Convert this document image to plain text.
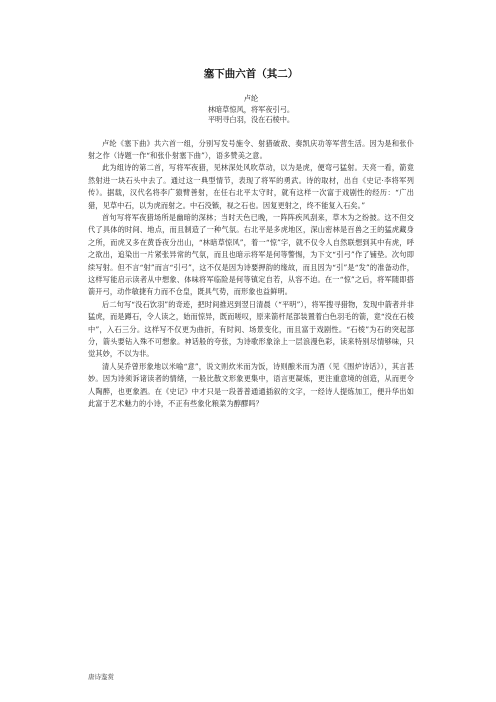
塞下曲六首（其二）

卢纶

林暗草惊风，将军夜引弓。

平明寻白羽，没在石棱中。

卢纶《塞下曲》共六首一组，分别写发号施令、射猎破敌、奏凯庆功等军营生活。因为是和张仆射之作（诗题一作“和张仆射塞下曲”），语多赞美之意。

此为组诗的第二首，写将军夜猎，见林深处风吹草动，以为是虎，便弯弓猛射。天亮一看，箭竟然射进一块石头中去了。通过这一典型情节，表现了将军的勇武。诗的取材，出自《史记·李将军列传》。据载，汉代名将李广猿臂善射，在任右北平太守时，就有这样一次富于戏剧性的经历：“广出猎，见草中石，以为虎而射之。中石没镞，视之石也。因复更射之，终不能复入石矣。”

首句写将军夜猎场所是幽暗的深林；当时天色已晚，一阵阵疾风刮来，草木为之纷披。这不但交代了具体的时间、地点，而且制造了一种气氛。右北平是多虎地区，深山密林是百兽之王的猛虎藏身之所，而虎又多在黄昏夜分出山，“林暗草惊风”，着一“惊”字，就不仅令人自然联想到其中有虎，呼之欲出，追染出一片紧张异常的气氛，而且也暗示将军是何等警惕，为下文“引弓”作了铺垫。次句即续写射。但不言“射”而言“引弓”，这不仅是因为诗要押韵的缘故，而且因为“引”是“发”的准备动作，这样写能启示读者从中想象、体味将军临险是何等镇定自若，从容不迫。在一“惊”之后，将军随即搭箭开弓，动作敏捷有力而不仓皇，既具气势，而形象也益鲜明。

后二句写“没石饮羽”的奇迹，把时间推迟到翌日清晨（“平明”），将军搜寻猎物，发现中箭者并非猛虎，而是蹲石，令人读之，始而惊异，既而嗟叹，原来箭杆尾部装置着白色羽毛的箭，竟“没在石棱中”，入石三分。这样写不仅更为曲折，有时间、场景变化，而且富于戏剧性。“石棱”为石的突起部分，箭头要钻入殊不可想象。神话般的夸张，为诗歌形象涂上一层浪漫色彩，读来特别尽情够味，只觉其妙，不以为非。

清人吴乔曾形象地以米喻“意”，说文则炊米而为饭，诗则酿米而为酒（见《围炉诗话》），其言甚妙。因为诗须诉诸读者的情绪，一般比散文形象更集中，语言更凝炼，更注重意境的创造，从而更令人陶醉，也更象酒。在《史记》中才只是一段普普通通插叙的文字，一经诗人提炼加工，便升华出如此富于艺术魅力的小诗，不正有些象化粮菜为醇醪吗？

唐诗鉴赏
